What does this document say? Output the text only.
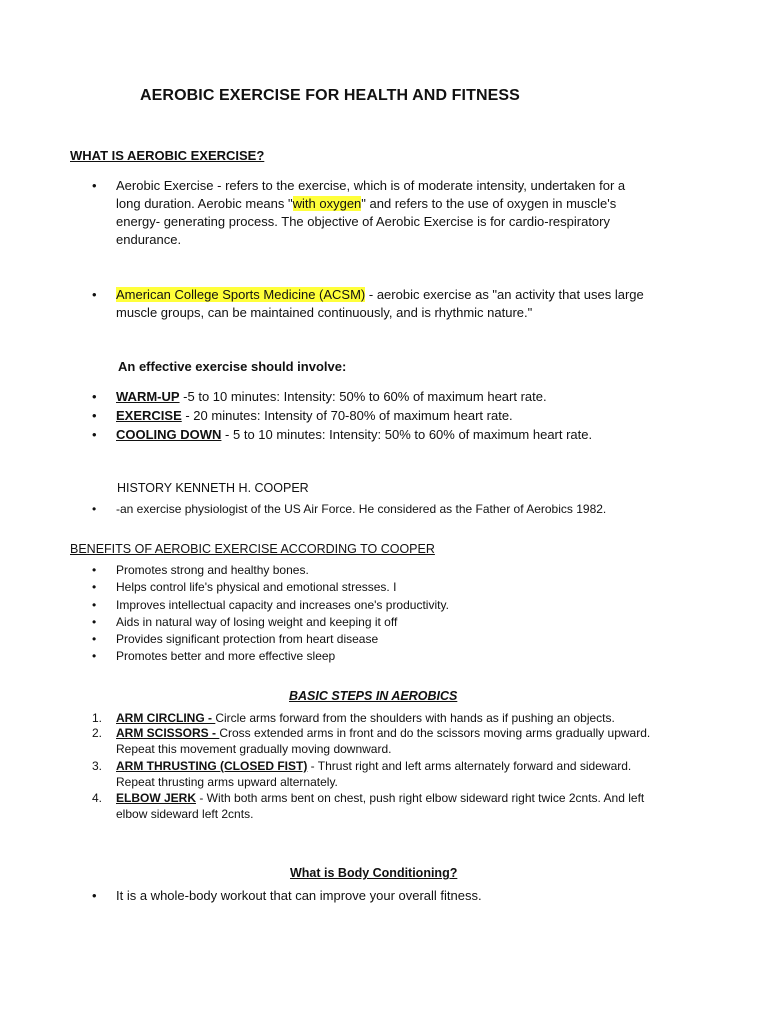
AEROBIC EXERCISE FOR HEALTH AND FITNESS
WHAT IS AEROBIC EXERCISE?
•	Aerobic Exercise - refers to the exercise, which is of moderate intensity, undertaken for a
long duration. Aerobic means "with oxygen" and refers to the use of oxygen in muscle's
energy- generating process. The objective of Aerobic Exercise is for cardio-respiratory
endurance.
•	American College Sports Medicine (ACSM) - aerobic exercise as "an activity that uses large
muscle groups, can be maintained continuously, and is rhythmic nature."
An effective exercise should involve:
•	WARM-UP -5 to 10 minutes: Intensity: 50% to 60% of maximum heart rate.
•	EXERCISE - 20 minutes: Intensity of 70-80% of maximum heart rate.
•	COOLING DOWN - 5 to 10 minutes: Intensity: 50% to 60% of maximum heart rate.
HISTORY KENNETH H. COOPER
•	-an exercise physiologist of the US Air Force. He considered as the Father of Aerobics 1982.
BENEFITS OF AEROBIC EXERCISE ACCORDING TO COOPER
•	Promotes strong and healthy bones.
•	Helps control life's physical and emotional stresses. I
•	Improves intellectual capacity and increases one's productivity.
•	Aids in natural way of losing weight and keeping it off
•	Provides significant protection from heart disease
•	Promotes better and more effective sleep
BASIC STEPS IN AEROBICS
1. ARM CIRCLING - Circle arms forward from the shoulders with hands as if pushing an objects.
2. ARM SCISSORS - Cross extended arms in front and do the scissors moving arms gradually upward.
Repeat this movement gradually moving downward.
3. ARM THRUSTING (CLOSED FIST) - Thrust right and left arms alternately forward and sideward.
Repeat thrusting arms upward alternately.
4. ELBOW JERK - With both arms bent on chest, push right elbow sideward right twice 2cnts. And left
elbow sideward left 2cnts.
What is Body Conditioning?
•	It is a whole-body workout that can improve your overall fitness.
